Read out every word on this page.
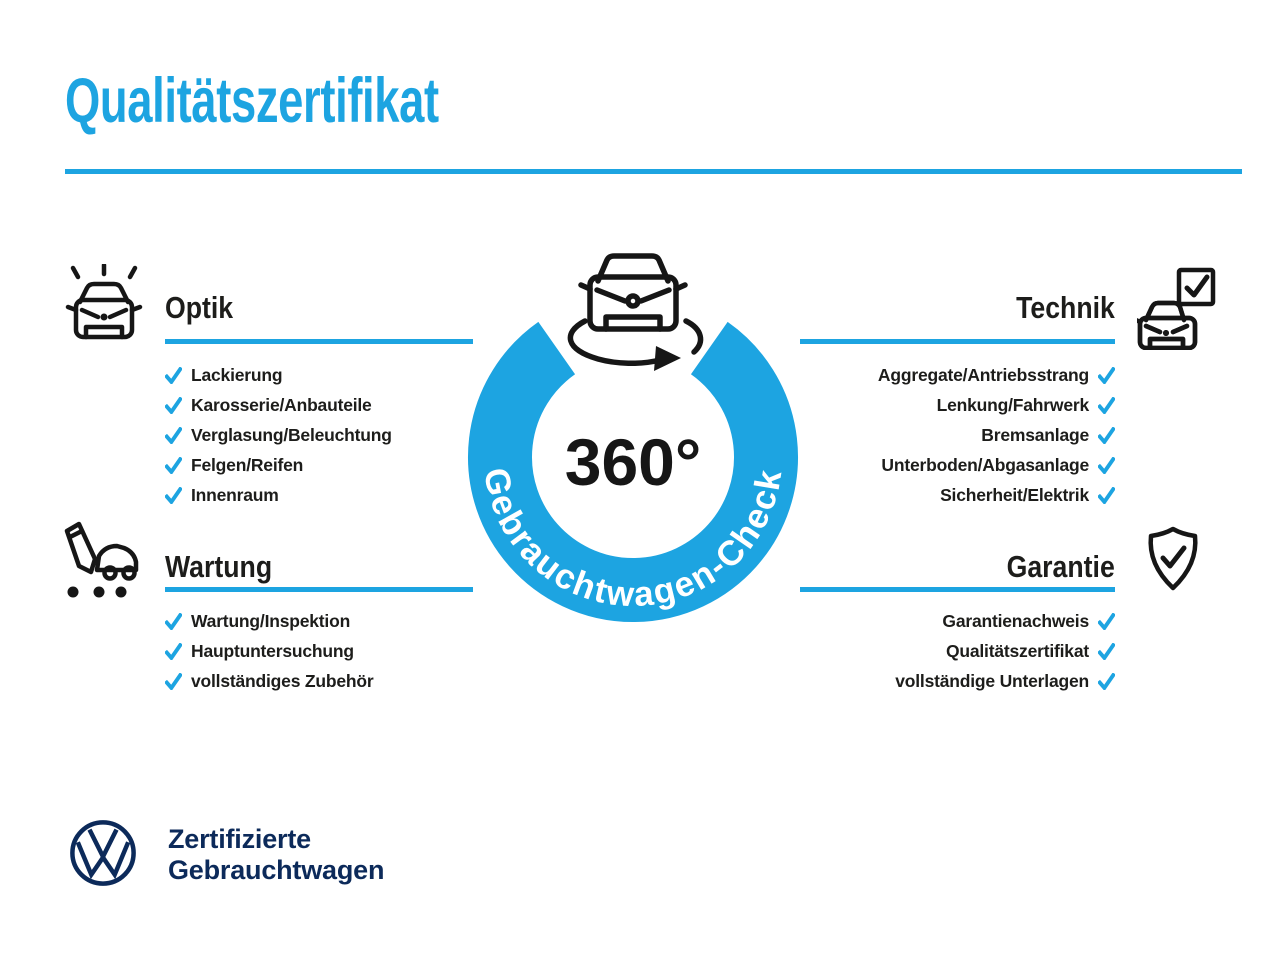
Qualitätszertifikat
Optik
Lackierung
Karosserie/Anbauteile
Verglasung/Beleuchtung
Felgen/Reifen
Innenraum
Wartung
Wartung/Inspektion
Hauptuntersuchung
vollständiges Zubehör
Technik
Aggregate/Antriebsstrang
Lenkung/Fahrwerk
Bremsanlage
Unterboden/Abgasanlage
Sicherheit/Elektrik
Garantie
Garantienachweis
Qualitätszertifikat
vollständige Unterlagen
Gebrauchtwagen-Check
360°
Zertifizierte
Gebrauchtwagen
